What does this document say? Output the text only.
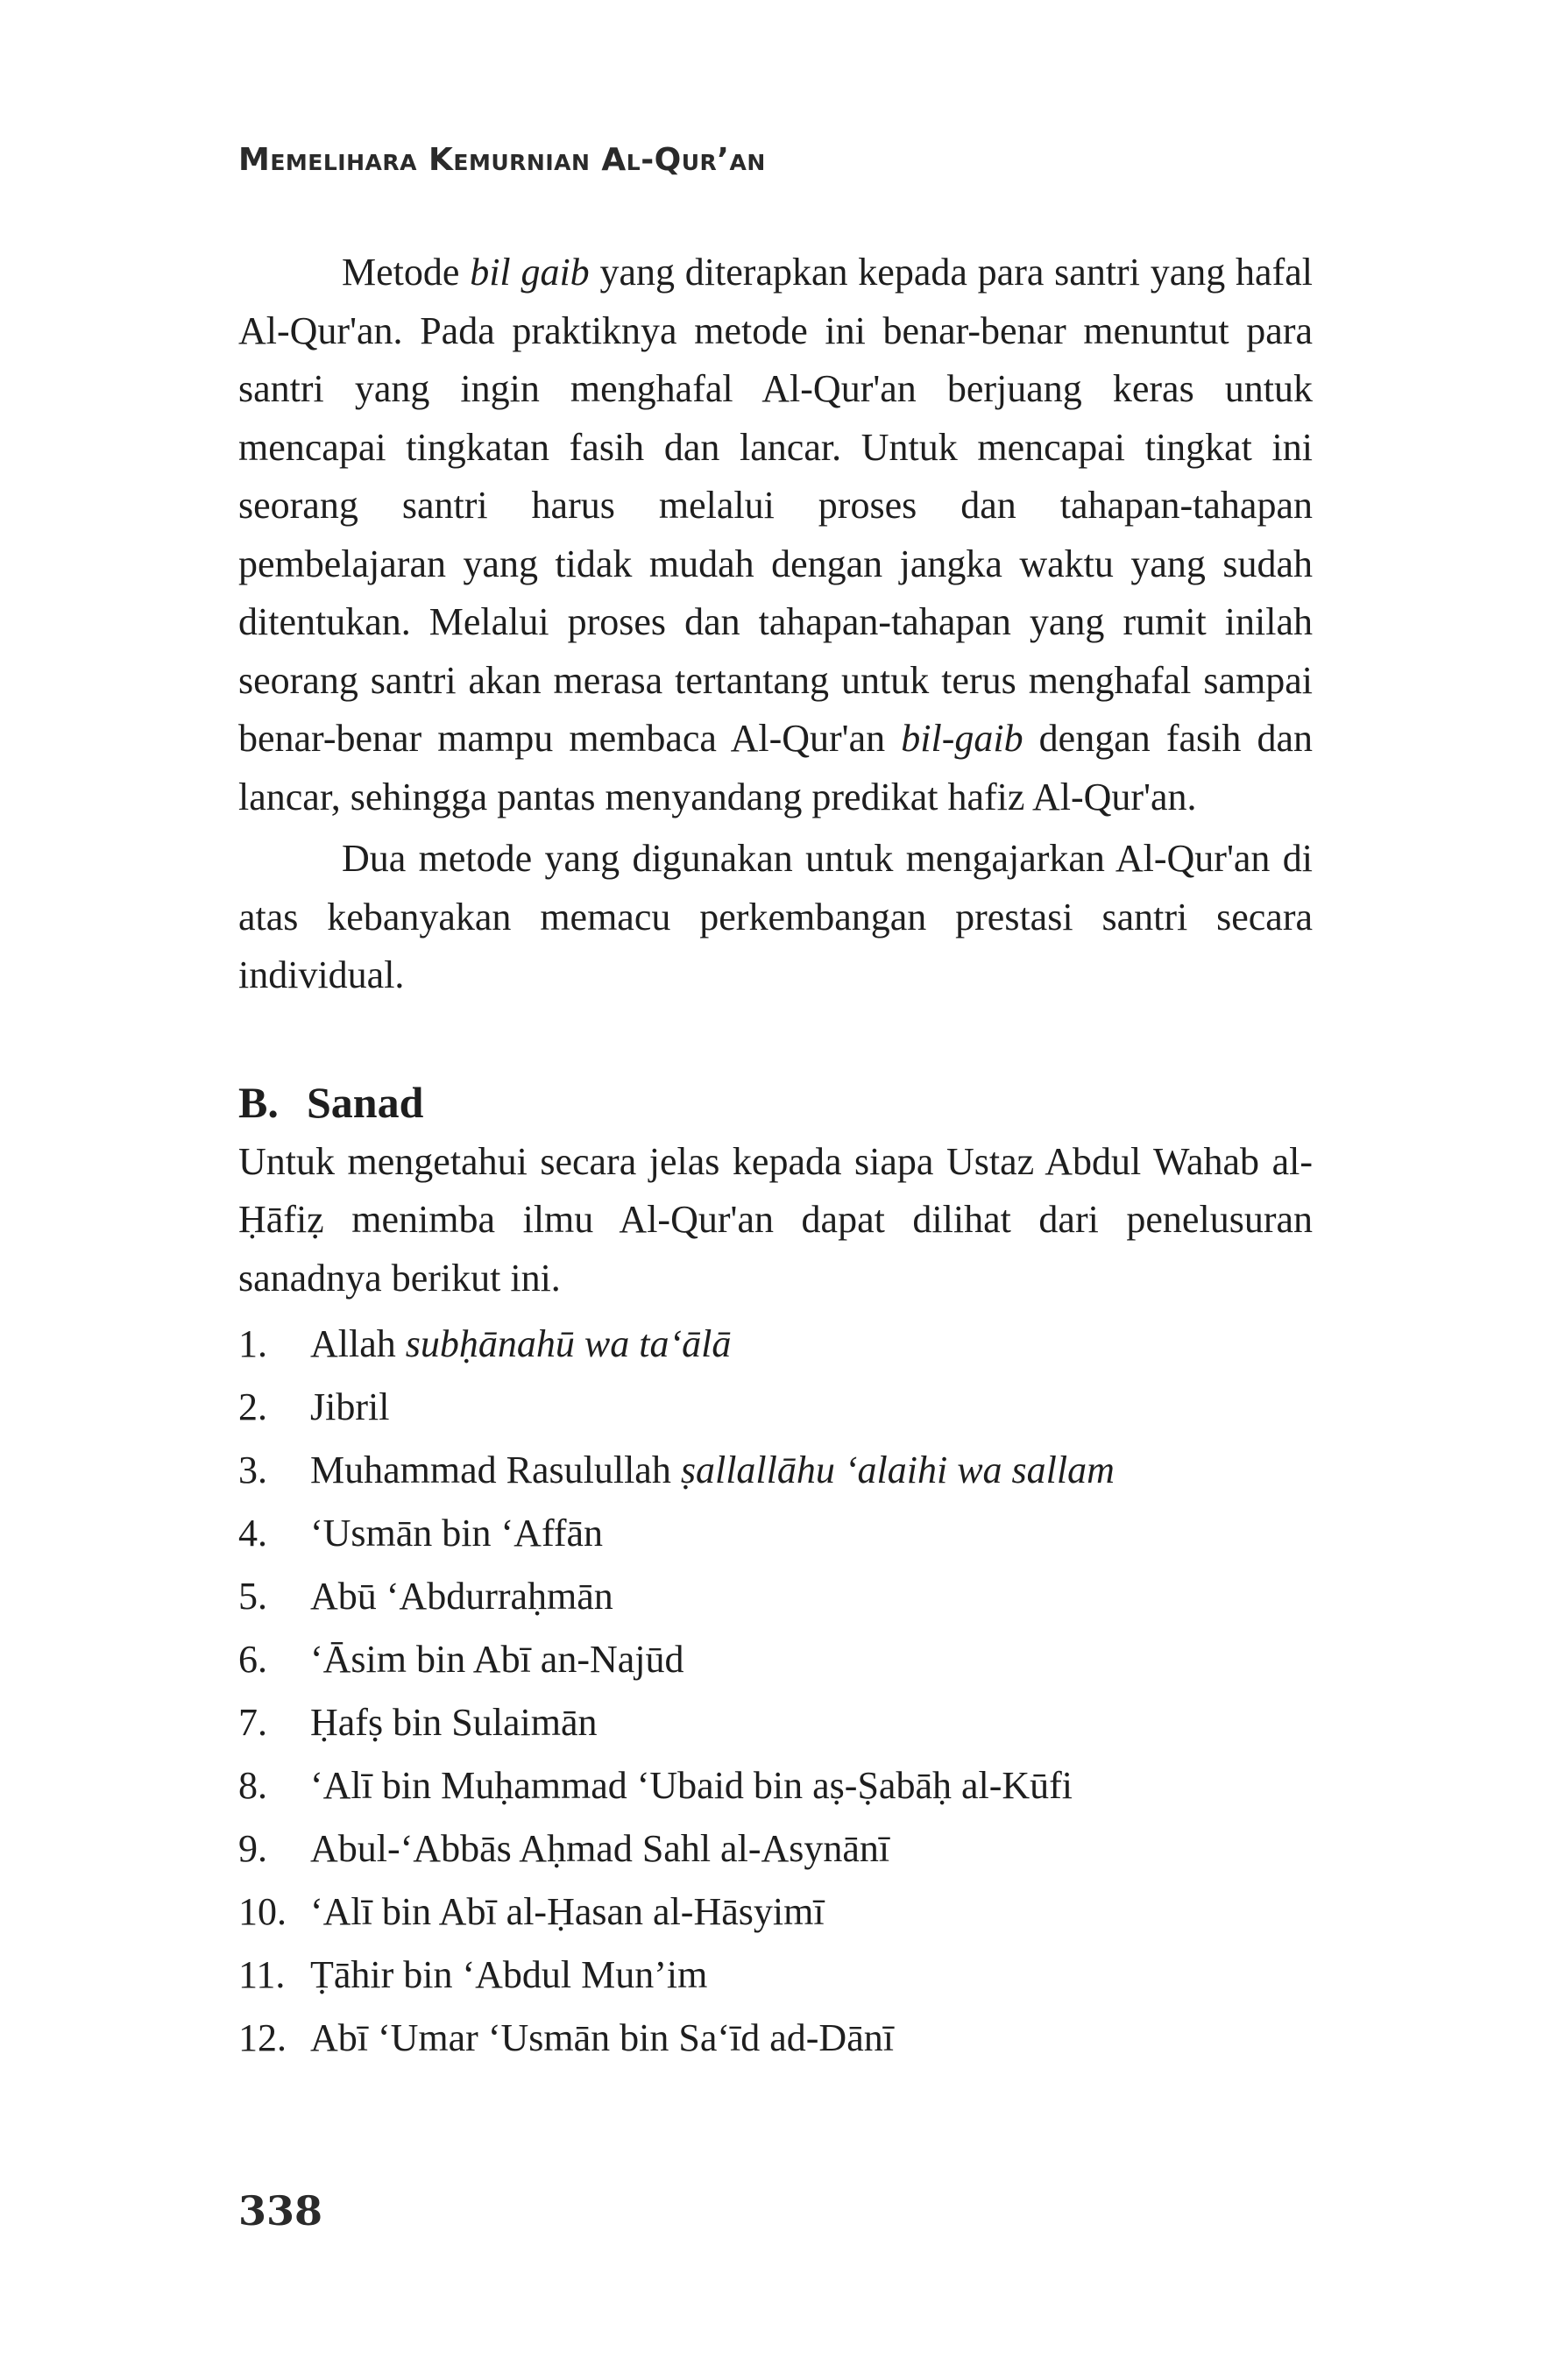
Memelihara Kemurnian Al-Qur’an

Metode bil gaib yang diterapkan kepada para santri yang hafal Al-Qur'an. Pada praktiknya metode ini benar-benar menuntut para santri yang ingin menghafal Al-Qur'an berjuang keras untuk mencapai tingkatan fasih dan lancar. Untuk mencapai tingkat ini seorang santri harus melalui proses dan tahapan-tahapan pembelajaran yang tidak mudah dengan jangka waktu yang sudah ditentukan. Melalui proses dan tahapan-tahapan yang rumit inilah seorang santri akan merasa tertantang untuk terus menghafal sampai benar-benar mampu membaca Al-Qur'an bil-gaib dengan fasih dan lancar, sehingga pantas menyandang predikat hafiz Al-Qur'an.

Dua metode yang digunakan untuk mengajarkan Al-Qur'an di atas kebanyakan memacu perkembangan prestasi santri secara individual.

B. Sanad

Untuk mengetahui secara jelas kepada siapa Ustaz Abdul Wahab al-Ḥāfiẓ menimba ilmu Al-Qur'an dapat dilihat dari penelusuran sanadnya berikut ini.

1.	Allah subḥānahū wa ta‘ālā
2.	Jibril
3.	Muhammad Rasulullah ṣallallāhu ‘alaihi wa sallam
4.	‘Usmān bin ‘Affān
5.	Abū ‘Abdurraḥmān
6.	‘Āsim bin Abī an-Najūd
7.	Ḥafṣ bin Sulaimān
8.	‘Alī bin Muḥammad ‘Ubaid bin aṣ-Ṣabāḥ al-Kūfi
9.	Abul-‘Abbās Aḥmad Sahl al-Asynānī
10. ‘Alī bin Abī al-Ḥasan al-Hāsyimī
11. Ṭāhir bin ‘Abdul Mun’im
12. Abī ‘Umar ‘Usmān bin Sa‘īd ad-Dānī
338
